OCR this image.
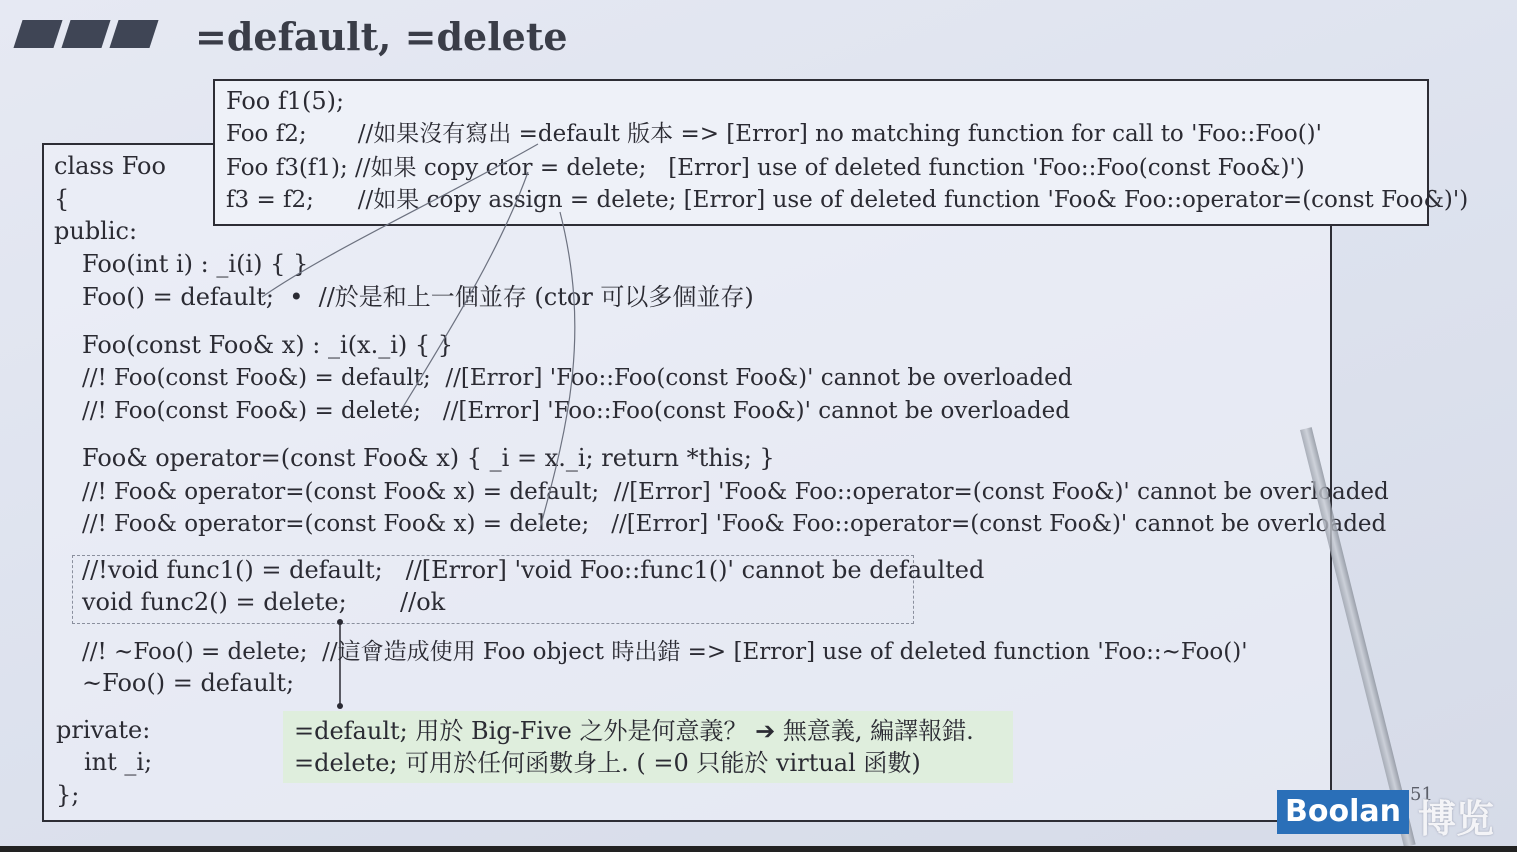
=default, =delete
class Foo
{
public:
Foo(int i) : _i(i) { }
Foo() = default;  •  //於是和上一個並存 (ctor 可以多個並存)
Foo(const Foo& x) : _i(x._i) { }
//! Foo(const Foo&) = default;  //[Error] 'Foo::Foo(const Foo&)' cannot be overloaded
//! Foo(const Foo&) = delete;   //[Error] 'Foo::Foo(const Foo&)' cannot be overloaded
Foo& operator=(const Foo& x) { _i = x._i; return *this; }
//! Foo& operator=(const Foo& x) = default;  //[Error] 'Foo& Foo::operator=(const Foo&)' cannot be overloaded
//! Foo& operator=(const Foo& x) = delete;   //[Error] 'Foo& Foo::operator=(const Foo&)' cannot be overloaded
//!void func1() = default;   //[Error] 'void Foo::func1()' cannot be defaulted
void func2() = delete;       //ok
//! ~Foo() = delete;  //這會造成使用 Foo object 時出錯 => [Error] use of deleted function 'Foo::~Foo()'
~Foo() = default;
private:
int _i;
};
=default; 用於 Big-Five 之外是何意義？ ➔ 無意義, 編譯報錯.
=delete; 可用於任何函數身上. ( =0 只能於 virtual 函數)
Foo f1(5);
Foo f2;       //如果沒有寫出 =default 版本 => [Error] no matching function for call to 'Foo::Foo()'
Foo f3(f1); //如果 copy ctor = delete;   [Error] use of deleted function 'Foo::Foo(const Foo&)')
f3 = f2;      //如果 copy assign = delete; [Error] use of deleted function 'Foo& Foo::operator=(const Foo&)')
51
Boolan 博览
